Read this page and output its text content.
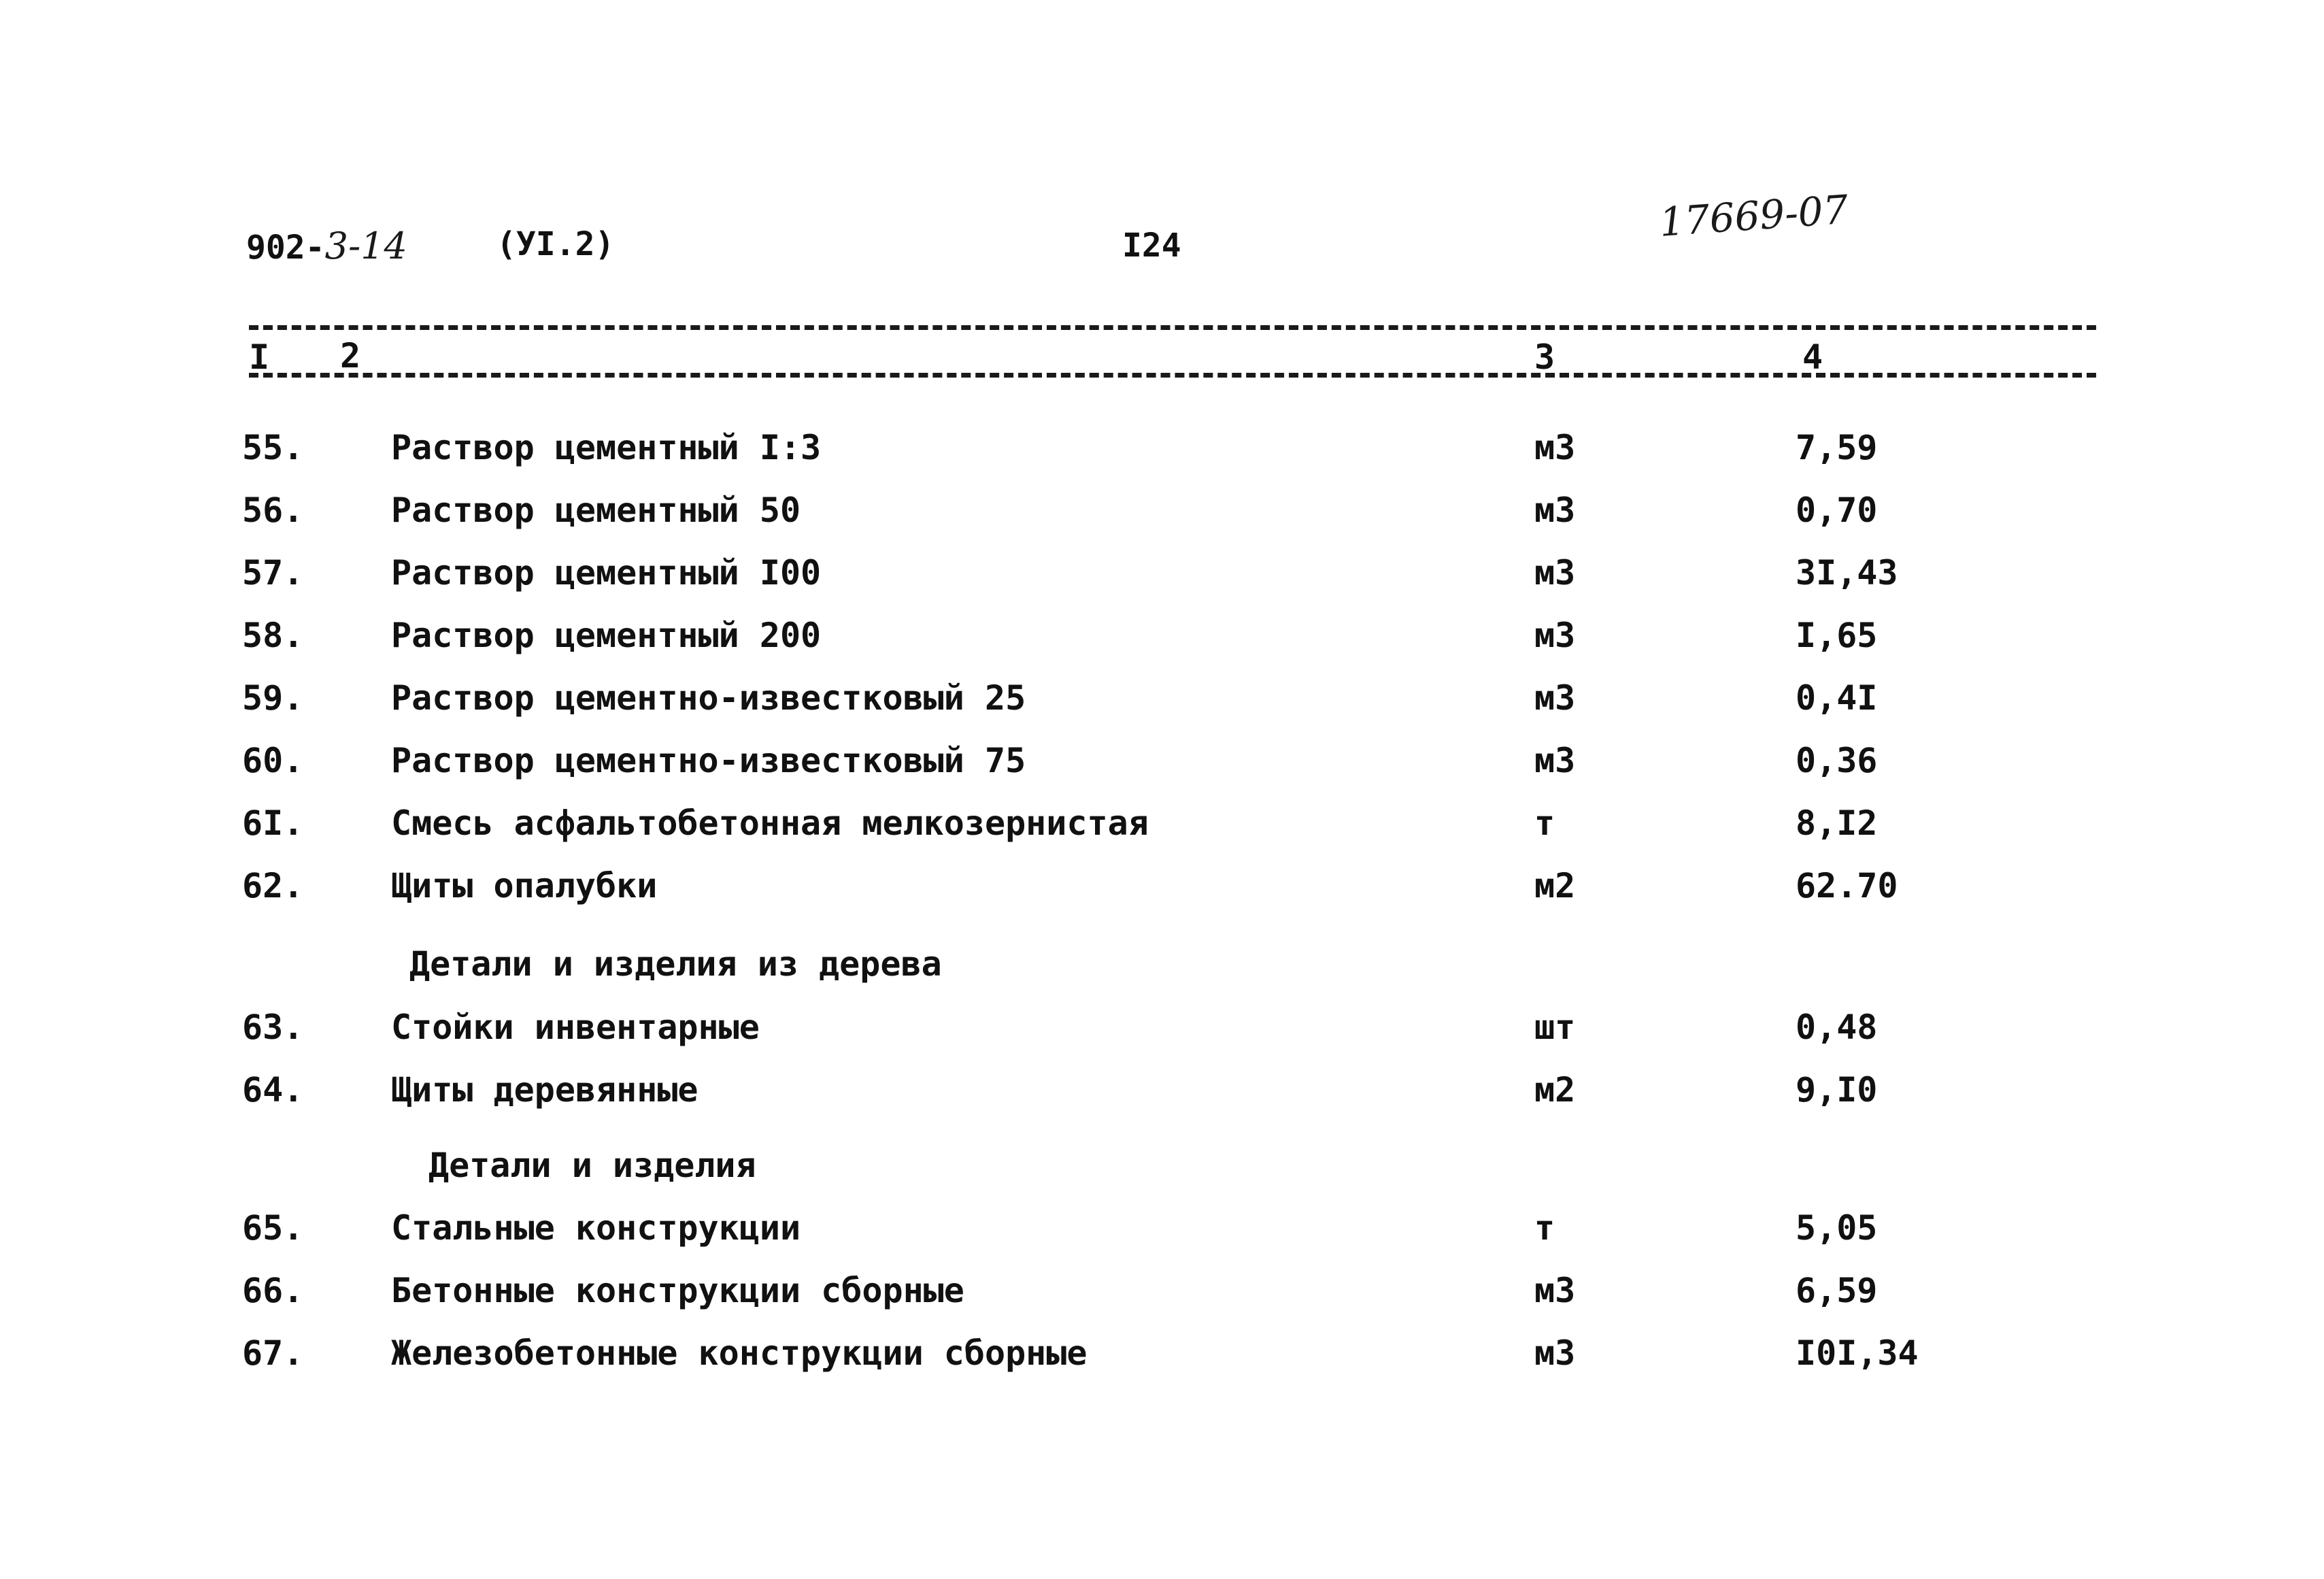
902-3-14	(УI.2)	I24
17669-07
I 2	3	4
55.	Раствор цементный I:3	м3	7,59
56.	Раствор цементный 50	м3	0,70
57.	Раствор цементный I00	м3	3I,43
58.	Раствор цементный 200	м3	I,65
59.	Раствор цементно-известковый 25	м3	0,4I
60.	Раствор цементно-известковый 75	м3	0,36
6I.	Смесь асфальтобетонная мелкозернистая	т	8,I2
62.	Щиты опалубки	м2	62.70
Детали и изделия из дерева
63.	Стойки инвентарные	шт	0,48
64.	Щиты деревянные	м2	9,I0
Детали и изделия
65.	Стальные конструкции	т	5,05
66.	Бетонные конструкции сборные	м3	6,59
67.	Железобетонные конструкции сборные	м3	I0I,34
